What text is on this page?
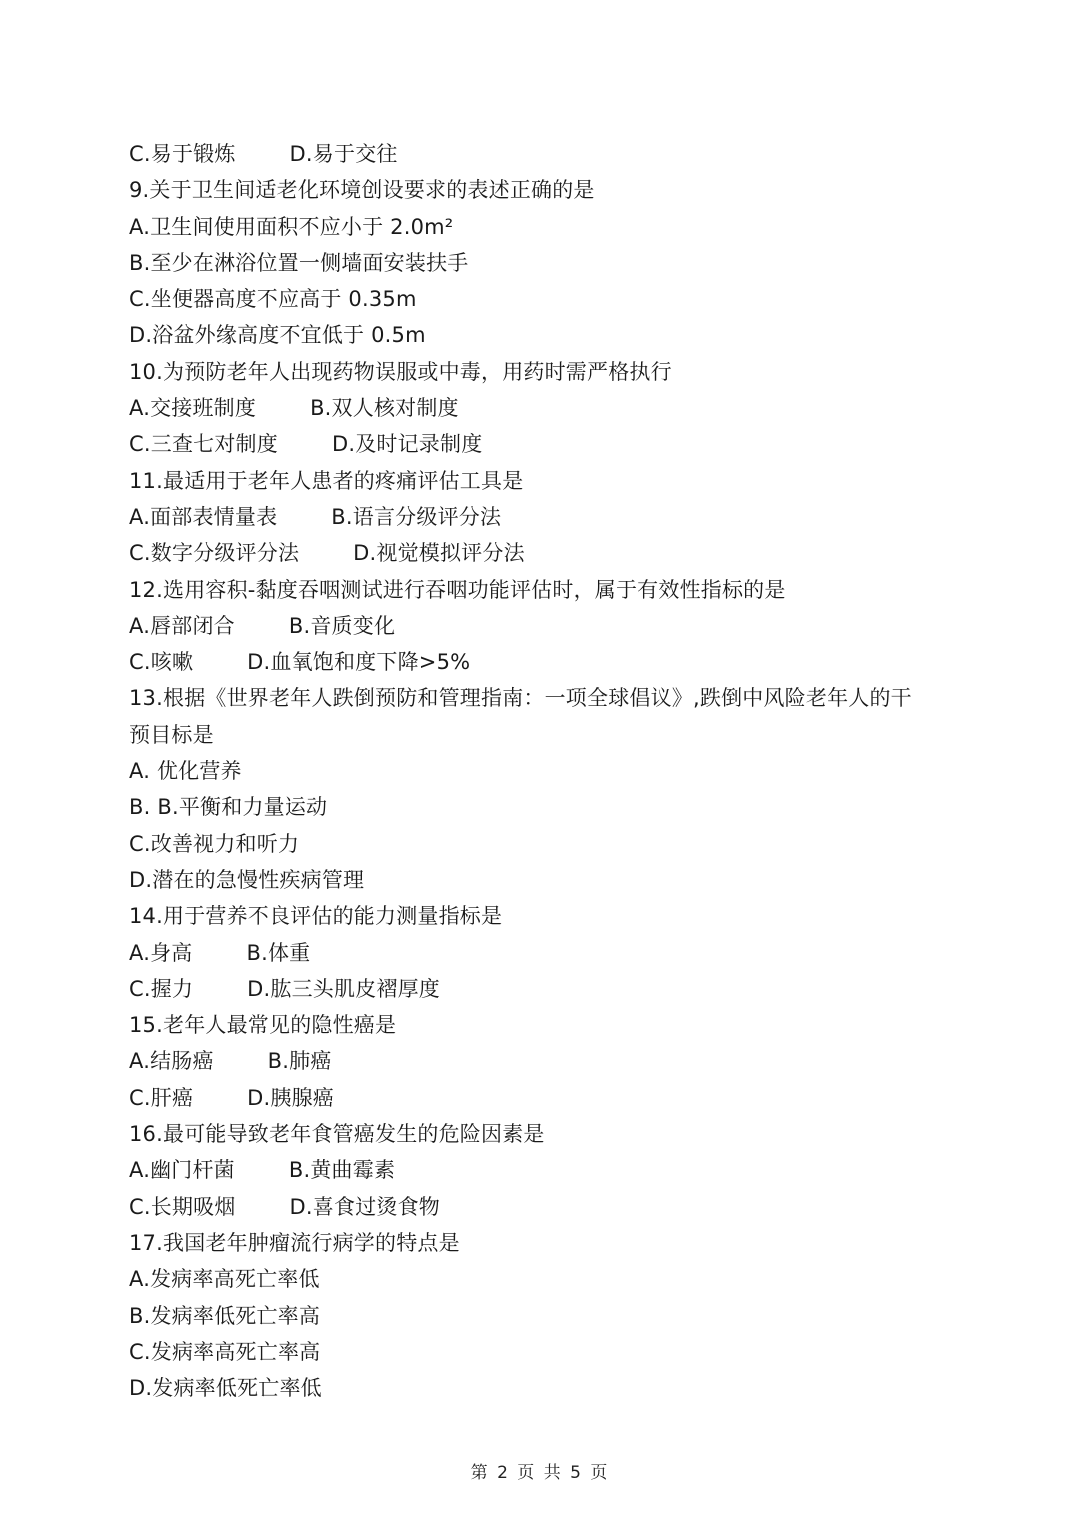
C.易于锻炼	D.易于交往
9.关于卫生间适老化环境创设要求的表述正确的是
A.卫生间使用面积不应小于 2.0m²
B.至少在淋浴位置一侧墙面安装扶手
C.坐便器高度不应高于 0.35m
D.浴盆外缘高度不宜低于 0.5m
10.为预防老年人出现药物误服或中毒，用药时需严格执行
A.交接班制度	B.双人核对制度
C.三查七对制度	D.及时记录制度
11.最适用于老年人患者的疼痛评估工具是
A.面部表情量表	B.语言分级评分法
C.数字分级评分法	D.视觉模拟评分法
12.选用容积-黏度吞咽测试进行吞咽功能评估时，属于有效性指标的是
A.唇部闭合	B.音质变化
C.咳嗽	D.血氧饱和度下降>5%
13.根据《世界老年人跌倒预防和管理指南：一项全球倡议》,跌倒中风险老年人的干
预目标是
A. 优化营养
B. B.平衡和力量运动
C.改善视力和听力
D.潜在的急慢性疾病管理
14.用于营养不良评估的能力测量指标是
A.身高	B.体重
C.握力	D.肱三头肌皮褶厚度
15.老年人最常见的隐性癌是
A.结肠癌	B.肺癌
C.肝癌	D.胰腺癌
16.最可能导致老年食管癌发生的危险因素是
A.幽门杆菌	B.黄曲霉素
C.长期吸烟	D.喜食过烫食物
17.我国老年肿瘤流行病学的特点是
A.发病率高死亡率低
B.发病率低死亡率高
C.发病率高死亡率高
D.发病率低死亡率低
第 2 页 共 5 页
